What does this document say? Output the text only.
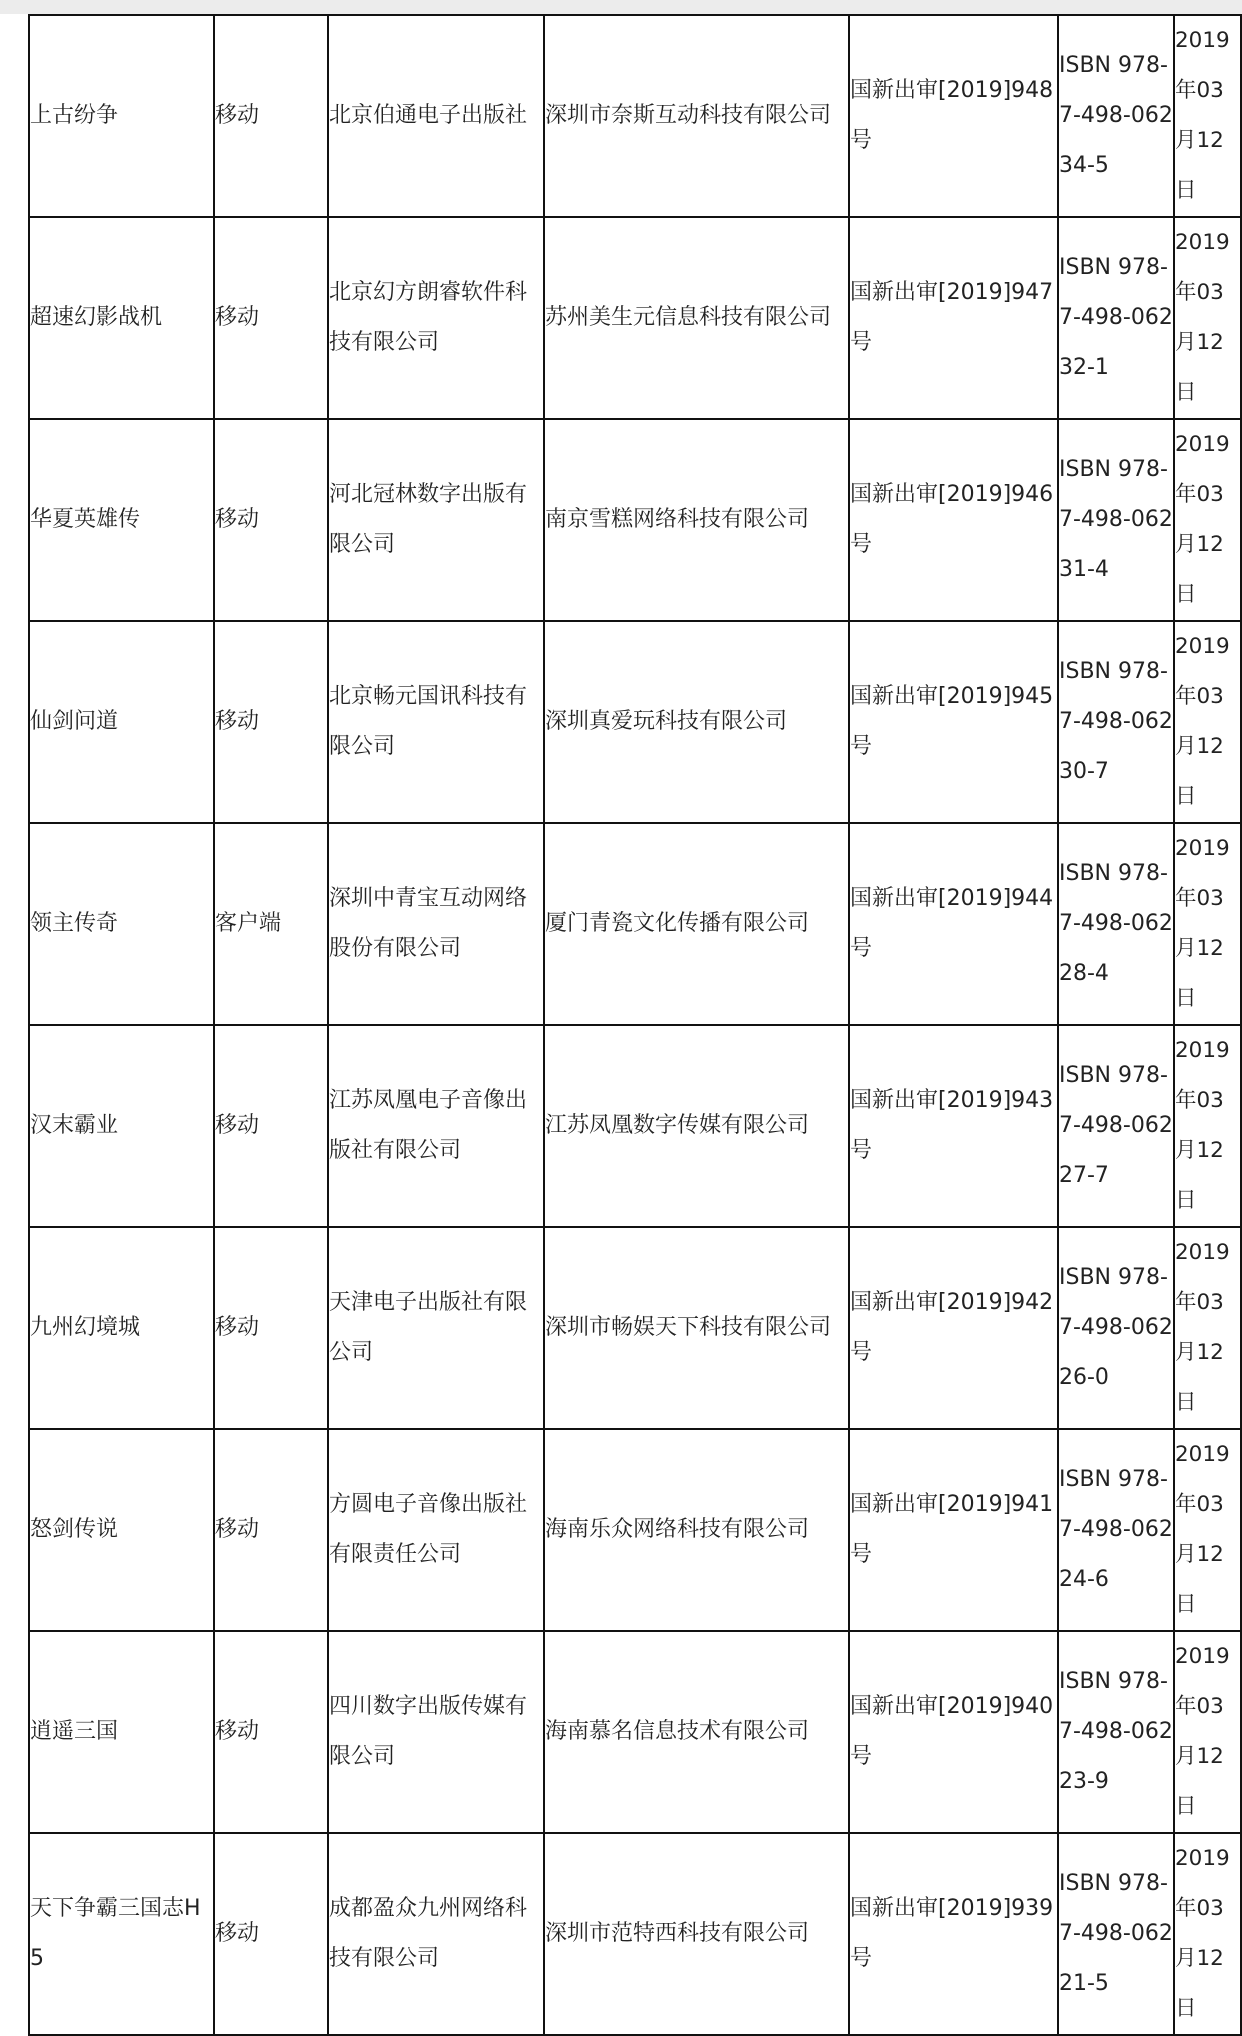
上古纷争	移动	北京伯通电子出版社	深圳市奈斯互动科技有限公司	国新出审[2019]948号	ISBN 978-7-498-06234-5	2019年03月12日
超速幻影战机	移动	北京幻方朗睿软件科技有限公司	苏州美生元信息科技有限公司	国新出审[2019]947号	ISBN 978-7-498-06232-1	2019年03月12日
华夏英雄传	移动	河北冠林数字出版有限公司	南京雪糕网络科技有限公司	国新出审[2019]946号	ISBN 978-7-498-06231-4	2019年03月12日
仙剑问道	移动	北京畅元国讯科技有限公司	深圳真爱玩科技有限公司	国新出审[2019]945号	ISBN 978-7-498-06230-7	2019年03月12日
领主传奇	客户端	深圳中青宝互动网络股份有限公司	厦门青瓷文化传播有限公司	国新出审[2019]944号	ISBN 978-7-498-06228-4	2019年03月12日
汉末霸业	移动	江苏凤凰电子音像出版社有限公司	江苏凤凰数字传媒有限公司	国新出审[2019]943号	ISBN 978-7-498-06227-7	2019年03月12日
九州幻境城	移动	天津电子出版社有限公司	深圳市畅娱天下科技有限公司	国新出审[2019]942号	ISBN 978-7-498-06226-0	2019年03月12日
怒剑传说	移动	方圆电子音像出版社有限责任公司	海南乐众网络科技有限公司	国新出审[2019]941号	ISBN 978-7-498-06224-6	2019年03月12日
逍遥三国	移动	四川数字出版传媒有限公司	海南慕名信息技术有限公司	国新出审[2019]940号	ISBN 978-7-498-06223-9	2019年03月12日
天下争霸三国志H5	移动	成都盈众九州网络科技有限公司	深圳市范特西科技有限公司	国新出审[2019]939号	ISBN 978-7-498-06221-5	2019年03月12日
